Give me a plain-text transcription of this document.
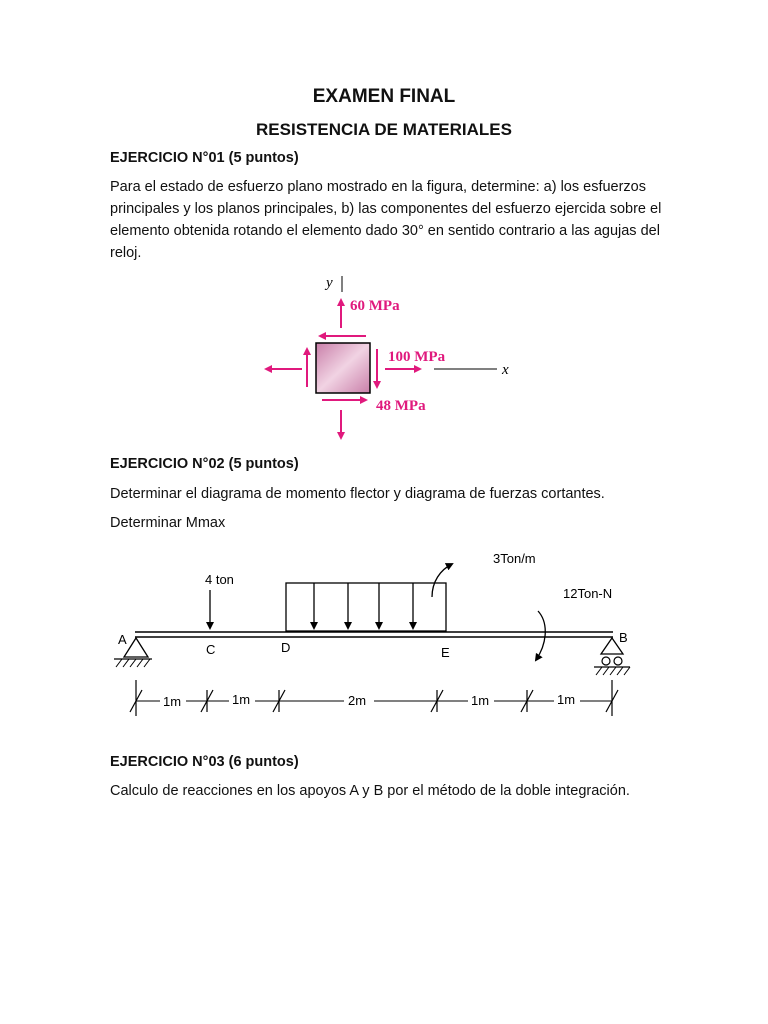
EXAMEN FINAL
RESISTENCIA DE MATERIALES
EJERCICIO N°01 (5 puntos)
Para el estado de esfuerzo plano mostrado en la figura, determine: a) los esfuerzos principales y los planos principales, b) las componentes del esfuerzo ejercida sobre el elemento obtenida rotando el elemento dado 30° en sentido contrario a las agujas del reloj.
y
x
60 MPa
100 MPa
48 MPa
EJERCICIO N°02 (5 puntos)
Determinar el diagrama de momento flector y diagrama de fuerzas cortantes.
Determinar Mmax
A	B
C	D	E
4 ton
3Ton/m
12Ton-N
1m	1m	2m	1m	1m
EJERCICIO N°03 (6 puntos)
Calculo de reacciones en los apoyos A y B por el método de la doble integración.
